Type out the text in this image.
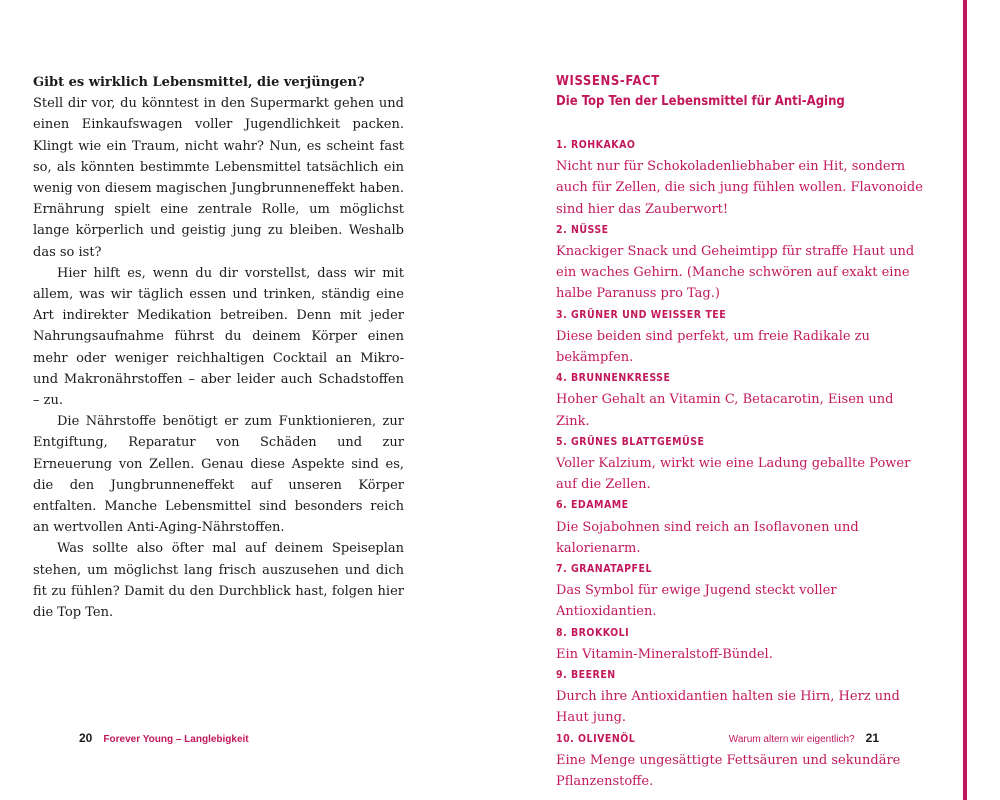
Gibt es wirklich Lebensmittel, die verjüngen?

Stell dir vor, du könntest in den Supermarkt gehen und einen Einkaufswagen voller Jugendlichkeit packen. Klingt wie ein Traum, nicht wahr? Nun, es scheint fast so, als könnten bestimmte Lebensmittel tatsächlich ein wenig von diesem magischen Jungbrunneneffekt haben. Ernährung spielt eine zentrale Rolle, um möglichst lange körperlich und geistig jung zu bleiben. Weshalb das so ist?

Hier hilft es, wenn du dir vorstellst, dass wir mit allem, was wir täglich essen und trinken, ständig eine Art indirekter Medikation betreiben. Denn mit jeder Nahrungsaufnahme führst du deinem Körper einen mehr oder weniger reichhaltigen Cocktail an Mikro- und Makronährstoffen – aber leider auch Schadstoffen – zu.

Die Nährstoffe benötigt er zum Funktionieren, zur Entgiftung, Reparatur von Schäden und zur Erneuerung von Zellen. Genau diese Aspekte sind es, die den Jungbrunneneffekt auf unseren Körper entfalten. Manche Lebensmittel sind besonders reich an wertvollen Anti-Aging-Nährstoffen.

Was sollte also öfter mal auf deinem Speiseplan stehen, um möglichst lang frisch auszusehen und dich fit zu fühlen? Damit du den Durchblick hast, folgen hier die Top Ten.

WISSENS-FACT
Die Top Ten der Lebensmittel für Anti-Aging
1. ROHKAKAO
Nicht nur für Schokoladenliebhaber ein Hit, sondern auch für Zellen, die sich jung fühlen wollen. Flavonoide sind hier das Zauberwort!
2. NÜSSE
Knackiger Snack und Geheimtipp für straffe Haut und ein waches Gehirn. (Manche schwören auf exakt eine halbe Paranuss pro Tag.)
3. GRÜNER UND WEISSER TEE
Diese beiden sind perfekt, um freie Radikale zu bekämpfen.
4. BRUNNENKRESSE
Hoher Gehalt an Vitamin C, Betacarotin, Eisen und Zink.
5. GRÜNES BLATTGEMÜSE
Voller Kalzium, wirkt wie eine Ladung geballte Power auf die Zellen.
6. EDAMAME
Die Sojabohnen sind reich an Isoflavonen und kalorienarm.
7. GRANATAPFEL
Das Symbol für ewige Jugend steckt voller Antioxidantien.
8. BROKKOLI
Ein Vitamin-Mineralstoff-Bündel.
9. BEEREN
Durch ihre Antioxidantien halten sie Hirn, Herz und Haut jung.
10. OLIVENÖL
Eine Menge ungesättigte Fettsäuren und sekundäre Pflanzenstoffe.
20 Forever Young – Langlebigkeit	Warum altern wir eigentlich? 21
